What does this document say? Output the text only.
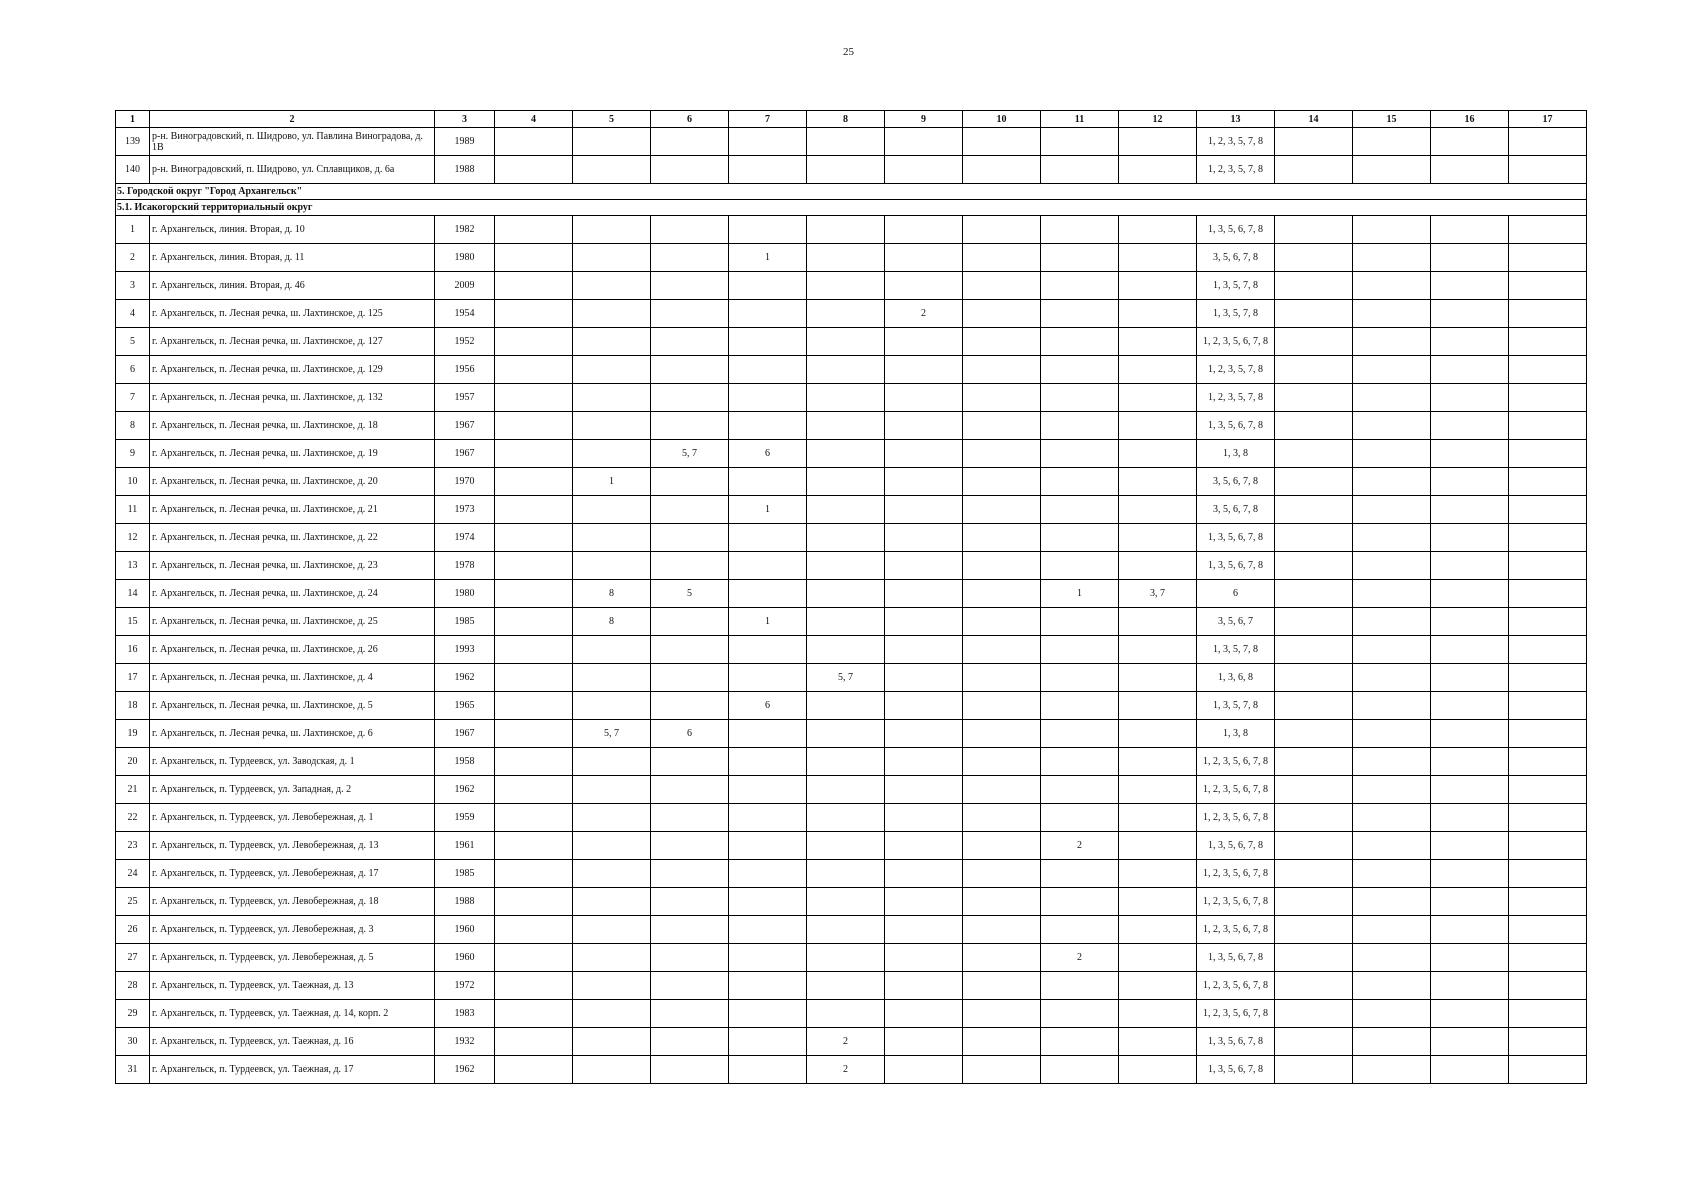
25
1	2	3	4	5	6	7	8	9	10	11	12	13	14	15	16	17
139	р-н. Виноградовский, п. Шидрово, ул. Павлина Виноградова, д. 1В	1989										1, 2, 3, 5, 7, 8				
140	р-н. Виноградовский, п. Шидрово, ул. Сплавщиков, д. 6а	1988										1, 2, 3, 5, 7, 8				
5. Городской округ "Город Архангельск"																
5.1. Исакогорский территориальный округ																
1	г. Архангельск, линия. Вторая, д. 10	1982										1, 3, 5, 6, 7, 8				
2	г. Архангельск, линия. Вторая, д. 11	1980				1						3, 5, 6, 7, 8				
3	г. Архангельск, линия. Вторая, д. 46	2009										1, 3, 5, 7, 8				
4	г. Архангельск, п. Лесная речка, ш. Лахтинское, д. 125	1954						2				1, 3, 5, 7, 8				
5	г. Архангельск, п. Лесная речка, ш. Лахтинское, д. 127	1952										1, 2, 3, 5, 6, 7, 8				
6	г. Архангельск, п. Лесная речка, ш. Лахтинское, д. 129	1956										1, 2, 3, 5, 7, 8				
7	г. Архангельск, п. Лесная речка, ш. Лахтинское, д. 132	1957										1, 2, 3, 5, 7, 8				
8	г. Архангельск, п. Лесная речка, ш. Лахтинское, д. 18	1967										1, 3, 5, 6, 7, 8				
9	г. Архангельск, п. Лесная речка, ш. Лахтинское, д. 19	1967			5, 7	6						1, 3, 8				
10	г. Архангельск, п. Лесная речка, ш. Лахтинское, д. 20	1970		1								3, 5, 6, 7, 8				
11	г. Архангельск, п. Лесная речка, ш. Лахтинское, д. 21	1973				1						3, 5, 6, 7, 8				
12	г. Архангельск, п. Лесная речка, ш. Лахтинское, д. 22	1974										1, 3, 5, 6, 7, 8				
13	г. Архангельск, п. Лесная речка, ш. Лахтинское, д. 23	1978										1, 3, 5, 6, 7, 8				
14	г. Архангельск, п. Лесная речка, ш. Лахтинское, д. 24	1980		8	5					1	3, 7	6				
15	г. Архангельск, п. Лесная речка, ш. Лахтинское, д. 25	1985		8		1						3, 5, 6, 7				
16	г. Архангельск, п. Лесная речка, ш. Лахтинское, д. 26	1993										1, 3, 5, 7, 8				
17	г. Архангельск, п. Лесная речка, ш. Лахтинское, д. 4	1962					5, 7					1, 3, 6, 8				
18	г. Архангельск, п. Лесная речка, ш. Лахтинское, д. 5	1965				6						1, 3, 5, 7, 8				
19	г. Архангельск, п. Лесная речка, ш. Лахтинское, д. 6	1967		5, 7	6							1, 3, 8				
20	г. Архангельск, п. Турдеевск, ул. Заводская, д. 1	1958										1, 2, 3, 5, 6, 7, 8				
21	г. Архангельск, п. Турдеевск, ул. Западная, д. 2	1962										1, 2, 3, 5, 6, 7, 8				
22	г. Архангельск, п. Турдеевск, ул. Левобережная, д. 1	1959										1, 2, 3, 5, 6, 7, 8				
23	г. Архангельск, п. Турдеевск, ул. Левобережная, д. 13	1961								2		1, 3, 5, 6, 7, 8				
24	г. Архангельск, п. Турдеевск, ул. Левобережная, д. 17	1985										1, 2, 3, 5, 6, 7, 8				
25	г. Архангельск, п. Турдеевск, ул. Левобережная, д. 18	1988										1, 2, 3, 5, 6, 7, 8				
26	г. Архангельск, п. Турдеевск, ул. Левобережная, д. 3	1960										1, 2, 3, 5, 6, 7, 8				
27	г. Архангельск, п. Турдеевск, ул. Левобережная, д. 5	1960								2		1, 3, 5, 6, 7, 8				
28	г. Архангельск, п. Турдеевск, ул. Таежная, д. 13	1972										1, 2, 3, 5, 6, 7, 8				
29	г. Архангельск, п. Турдеевск, ул. Таежная, д. 14, корп. 2	1983										1, 2, 3, 5, 6, 7, 8				
30	г. Архангельск, п. Турдеевск, ул. Таежная, д. 16	1932					2					1, 3, 5, 6, 7, 8				
31	г. Архангельск, п. Турдеевск, ул. Таежная, д. 17	1962					2					1, 3, 5, 6, 7, 8				
